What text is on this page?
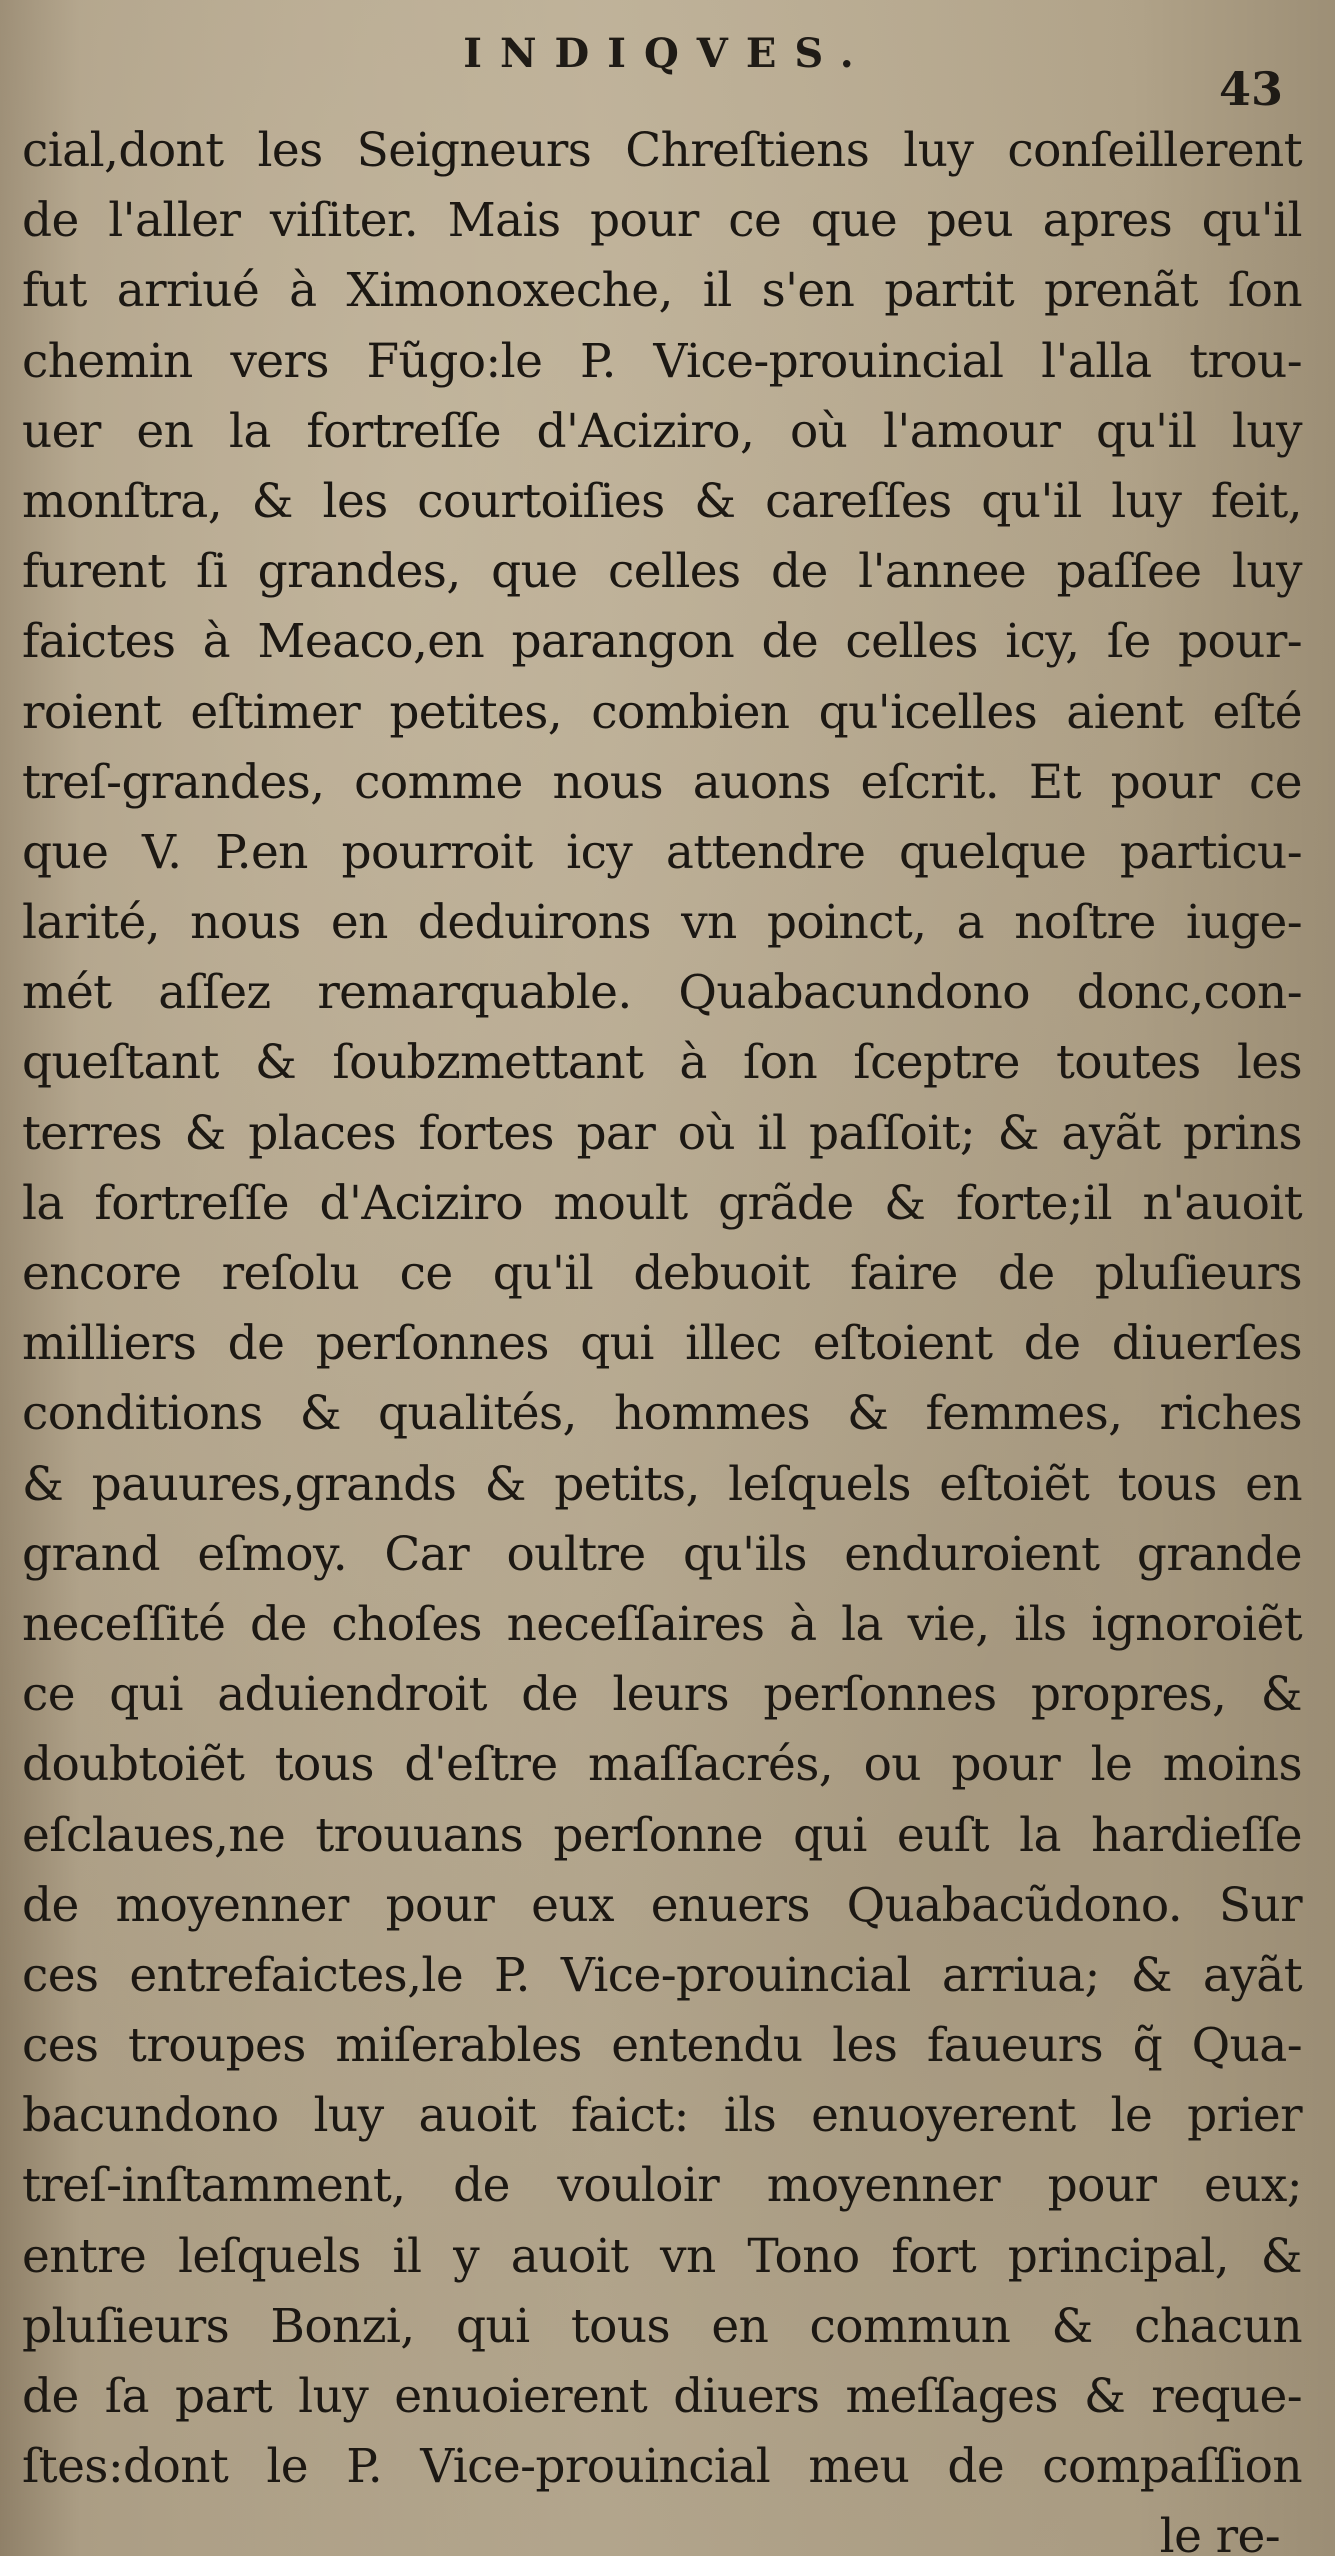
INDIQVES.
43
cial,dont les Seigneurs Chreſtiens luy conſeillerent
de l'aller viſiter. Mais pour ce que peu apres qu'il
fut arriué à Ximonoxeche, il s'en partit prenãt ſon
chemin vers Fũgo:le P. Vice-prouincial l'alla trou-
uer en la fortreſſe d'Aciziro, où l'amour qu'il luy
monſtra, & les courtoiſies & careſſes qu'il luy feit,
furent ſi grandes, que celles de l'annee paſſee luy
faictes à Meaco,en parangon de celles icy, ſe pour-
roient eſtimer petites, combien qu'icelles aient eſté
treſ-grandes, comme nous auons eſcrit. Et pour ce
que V. P.en pourroit icy attendre quelque particu-
larité, nous en deduirons vn poinct, a noſtre iuge-
mét aſſez remarquable. Quabacundono donc,con-
queſtant & ſoubzmettant à ſon ſceptre toutes les
terres & places fortes par où il paſſoit; & ayãt prins
la fortreſſe d'Aciziro moult grãde & forte;il n'auoit
encore reſolu ce qu'il debuoit faire de pluſieurs
milliers de perſonnes qui illec eſtoient de diuerſes
conditions & qualités, hommes & femmes, riches
& pauures,grands & petits, leſquels eſtoiẽt tous en
grand eſmoy. Car oultre qu'ils enduroient grande
neceſſité de choſes neceſſaires à la vie, ils ignoroiẽt
ce qui aduiendroit de leurs perſonnes propres, &
doubtoiẽt tous d'eſtre maſſacrés, ou pour le moins
eſclaues,ne trouuans perſonne qui euſt la hardieſſe
de moyenner pour eux enuers Quabacũdono. Sur
ces entrefaictes,le P. Vice-prouincial arriua; & ayãt
ces troupes miſerables entendu les faueurs q̃ Qua-
bacundono luy auoit faict: ils enuoyerent le prier
treſ-inſtamment, de vouloir moyenner pour eux;
entre leſquels il y auoit vn Tono fort principal, &
pluſieurs Bonzi, qui tous en commun & chacun
de ſa part luy enuoierent diuers meſſages & reque-
ſtes:dont le P. Vice-prouincial meu de compaſſion
le re-
